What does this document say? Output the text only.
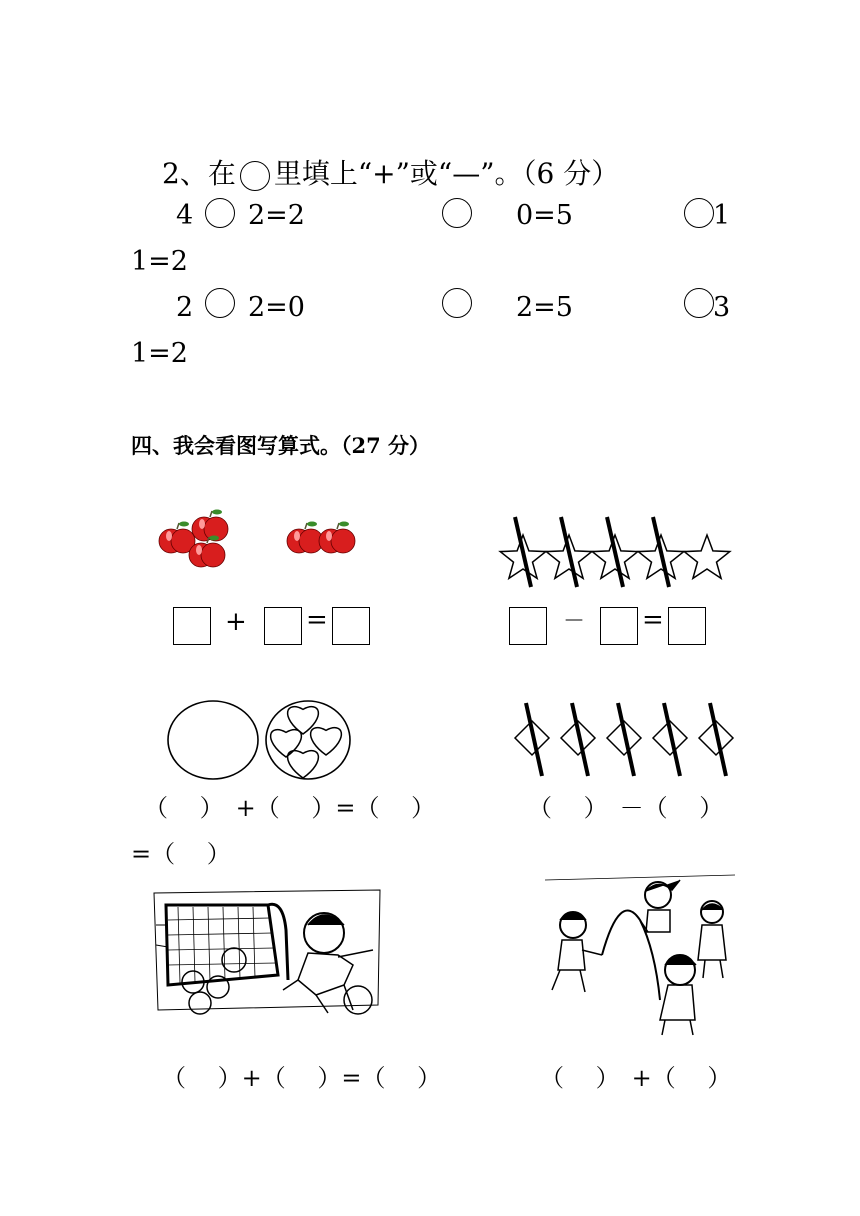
2、在 里填上“+”或“—”。（6 分）
4 2=2	0=5	1
1=2
2 2=0	2=5	3
1=2
四、我会看图写算式。（27 分）
+ =	－ =
（　 ）　+（　 ）=（　 ）	（　 ）　－（　 ）
=（　 ）
（　 ）+（　 ）=（　 ）	（　 ）　+（　 ）
